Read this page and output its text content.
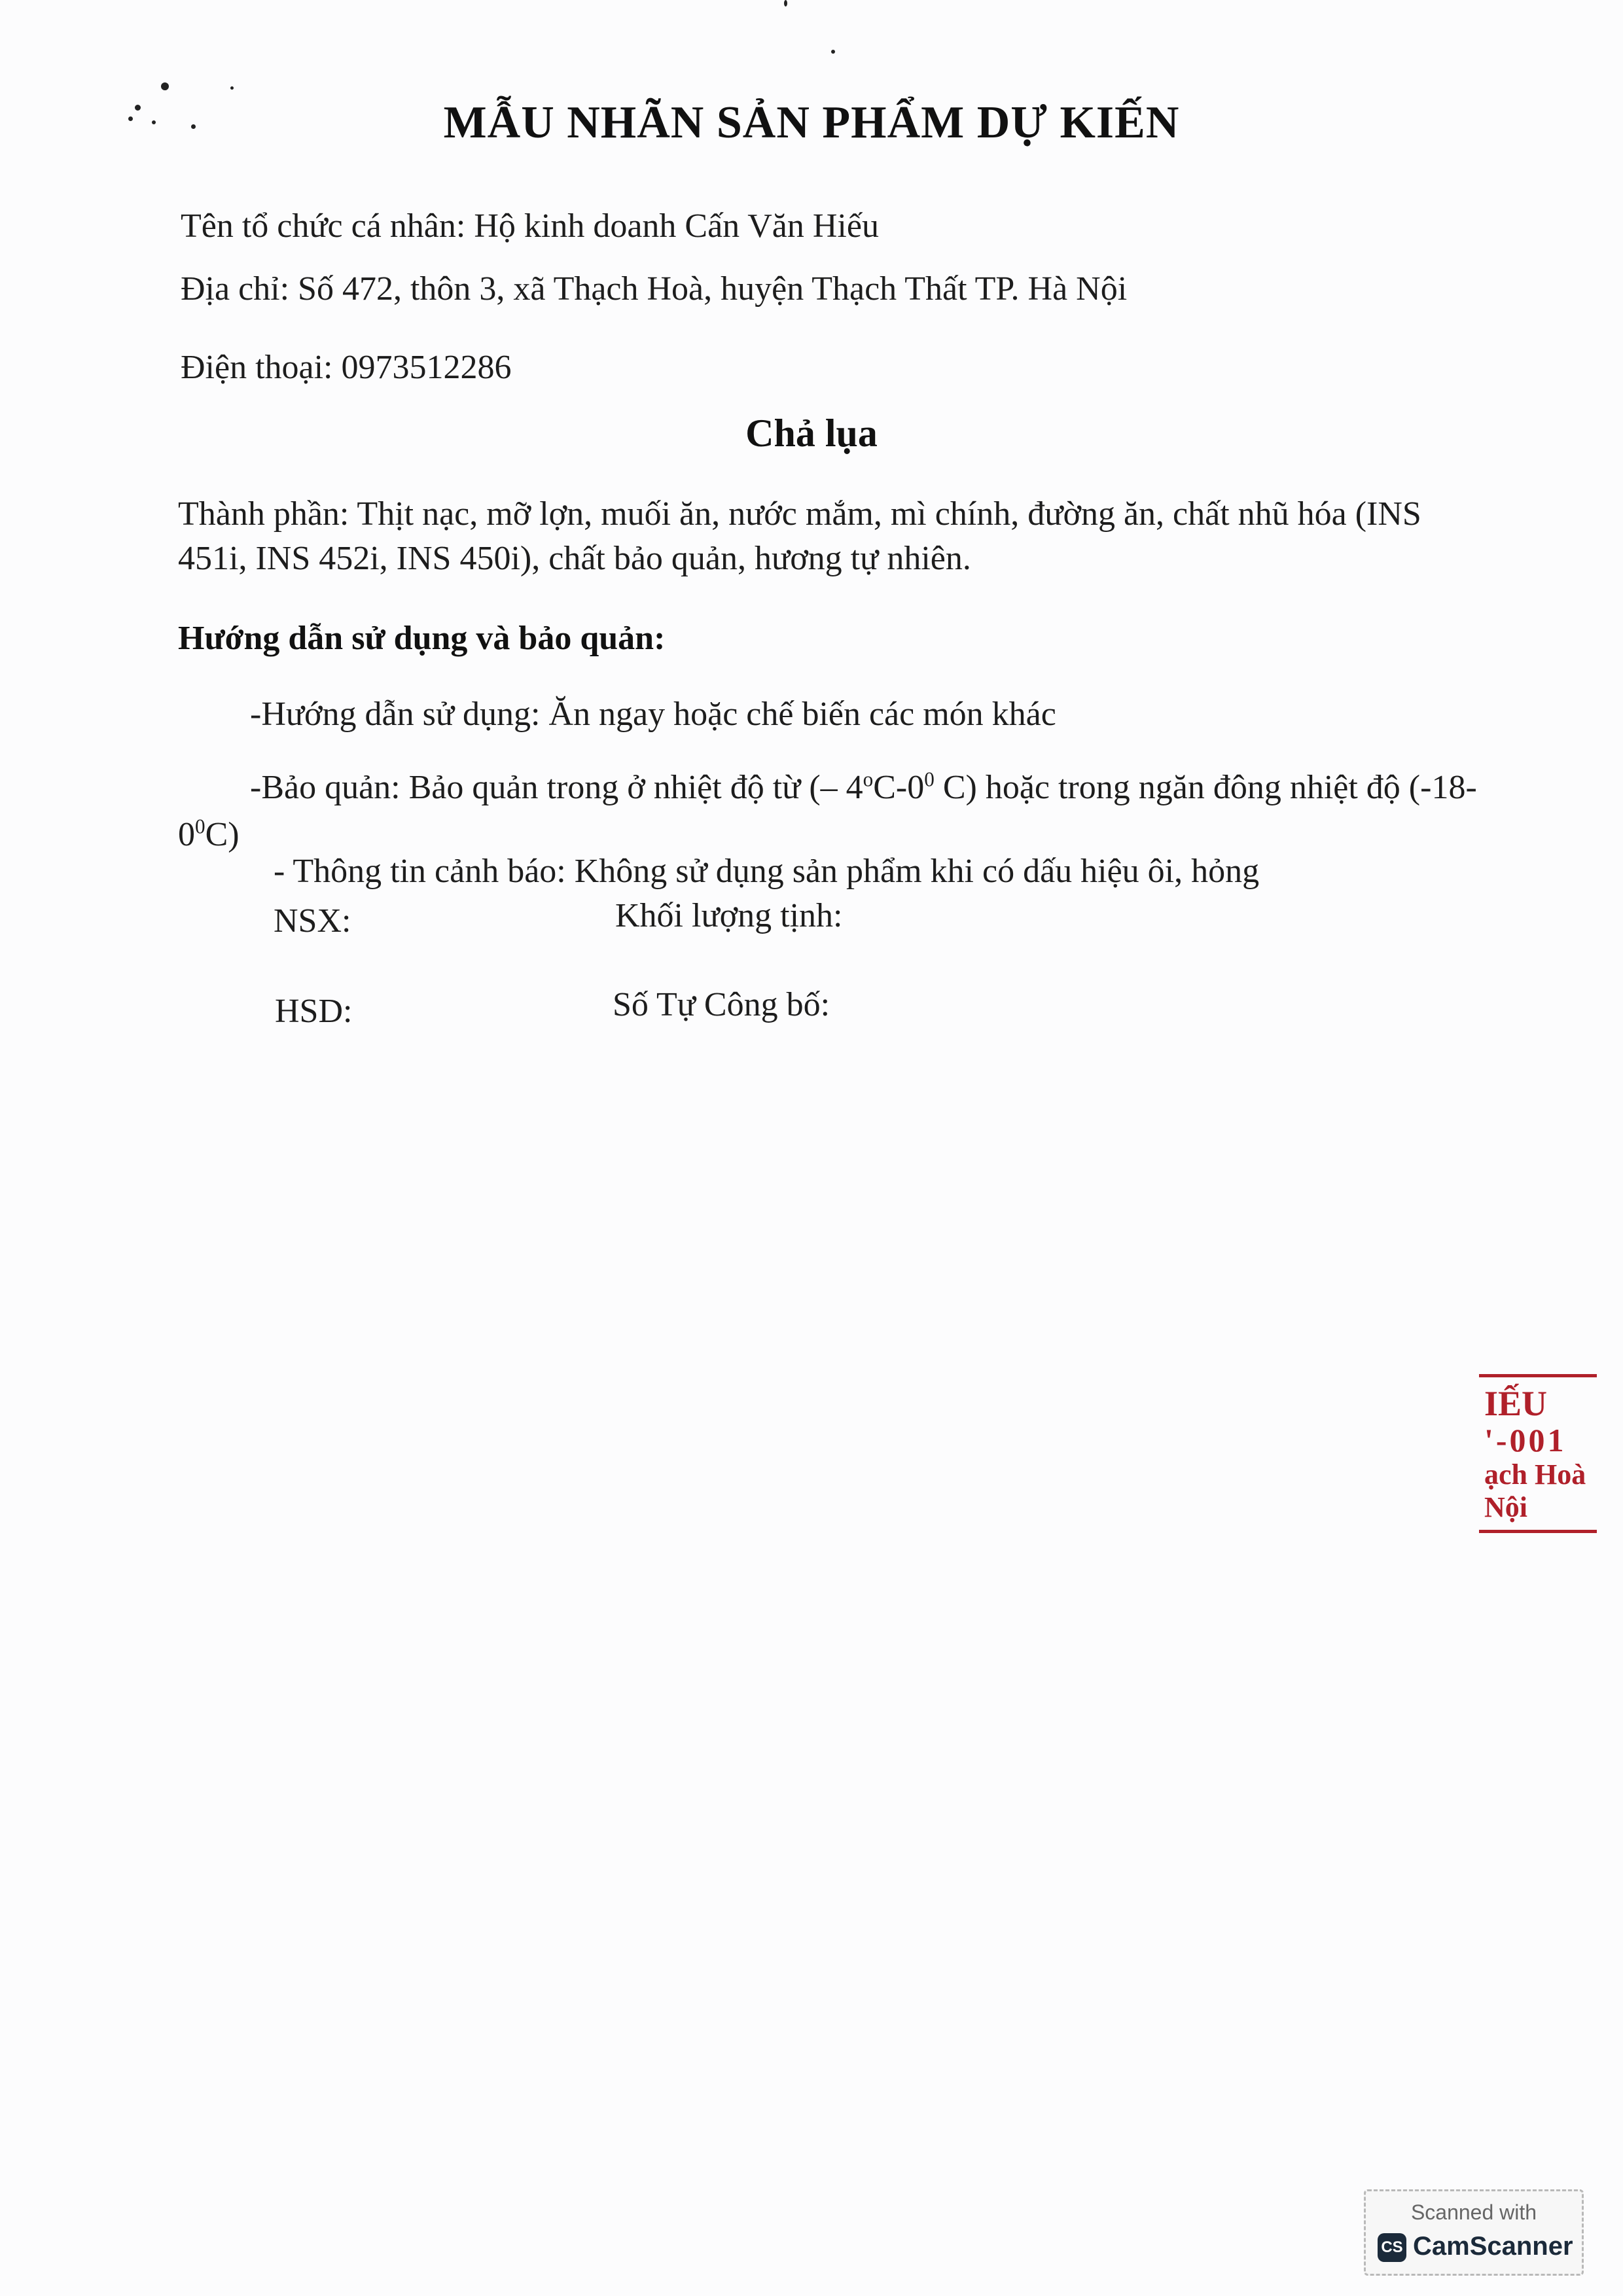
MẪU NHÃN SẢN PHẨM DỰ KIẾN
Tên tổ chức cá nhân: Hộ kinh doanh Cấn Văn Hiếu
Địa chỉ: Số 472, thôn 3, xã Thạch Hoà, huyện Thạch Thất TP. Hà Nội
Điện thoại: 0973512286
Chả lụa
Thành phần: Thịt nạc, mỡ lợn, muối ăn, nước mắm, mì chính, đường ăn, chất nhũ hóa (INS 451i, INS 452i, INS 450i), chất bảo quản, hương tự nhiên.
Hướng dẫn sử dụng và bảo quản:
-Hướng dẫn sử dụng: Ăn ngay hoặc chế biến các món khác
-Bảo quản: Bảo quản trong ở nhiệt độ từ (– $4^oC-0^0$ C) hoặc trong ngăn đông nhiệt độ $(-18-0^0C)$
- Thông tin cảnh báo: Không sử dụng sản phẩm khi có dấu hiệu ôi, hỏng
NSX:	Khối lượng tịnh:
HSD:	Số Tự Công bố:
IẾU
'-001
ạch Hoà
Nội
Scanned with
CS CamScanner
